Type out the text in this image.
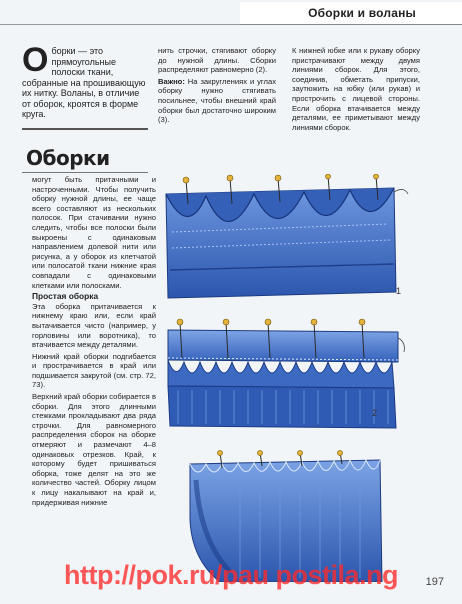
Оборки и воланы
Оборки — это прямоугольные полоски ткани, собранные на прошивающую их нитку. Воланы, в отличие от оборок, кроятся в форме круга.
Оборки

нить строчки, стягивают оборку до нужной длины. Сборки распределяют равномерно (2).

Важно: На закруглениях и углах оборку нужно стягивать посильнее, чтобы внешний край оборки был достаточно широким (3).

К нижней юбке или к рукаву оборку пристрачивают между двумя линиями сборок. Для этого, соединив, обметать припуски, заутюжить на юбку (или рукав) и прострочить с лицевой стороны. Если оборка втачивается между деталями, ее приметывают между линиями сборок.

могут быть притачными и настроченными. Чтобы получить оборку нужной длины, ее чаще всего составляют из нескольких полосок. При стачивании нужно следить, чтобы все полоски были выкроены с одинаковым направлением долевой нити или рисунка, а у оборок из клетчатой или полосатой ткани нижние края совпадали с одинаковыми клетками или полосками.

Простая оборка

Эта оборка притачивается к нижнему краю или, если край вытачивается чисто (например, у горловины или воротника), то втачивается между деталями.

Нижний край оборки подгибается и прострачивается в край или подшивается закрутой (см. стр. 72, 73).

Верхний край оборки собирается в сборки. Для этого длинными стежками прокладывают два ряда строчки. Для равномерного распределения сборок на оборке отмеряют и размечают 4–8 одинаковых отрезков. Край, к которому будет пришиваться оборка, тоже делят на это же количество частей. Оборку лицом к лицу накалывают на край и, придерживая нижние

1
2
http://pok.ru/pau postila.ng	197
